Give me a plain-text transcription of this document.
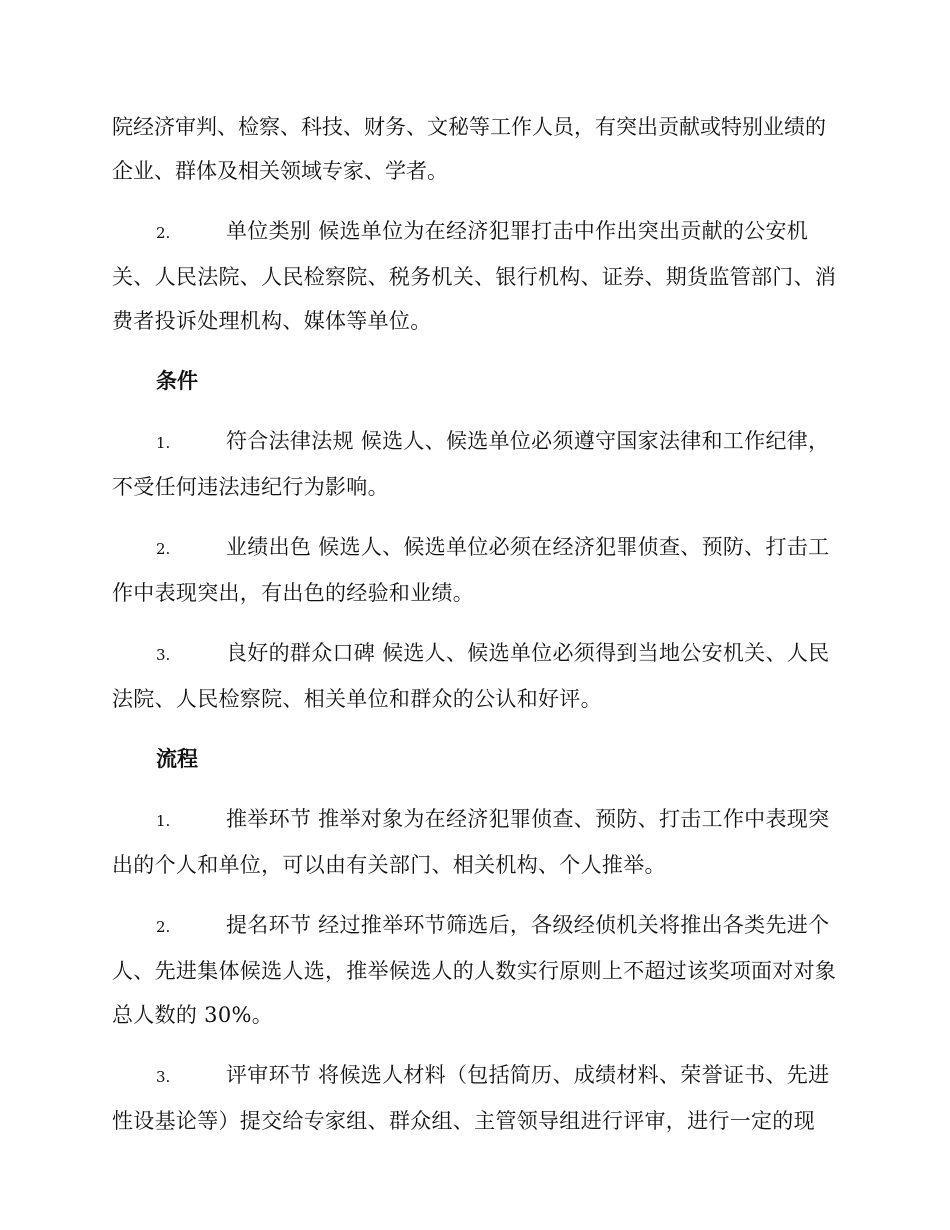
院经济审判、检察、科技、财务、文秘等工作人员，有突出贡献或特别业绩的企业、群体及相关领域专家、学者。

2.	单位类别 候选单位为在经济犯罪打击中作出突出贡献的公安机关、人民法院、人民检察院、税务机关、银行机构、证券、期货监管部门、消费者投诉处理机构、媒体等单位。

条件

1.	符合法律法规 候选人、候选单位必须遵守国家法律和工作纪律，不受任何违法违纪行为影响。

2.	业绩出色 候选人、候选单位必须在经济犯罪侦查、预防、打击工作中表现突出，有出色的经验和业绩。

3.	良好的群众口碑 候选人、候选单位必须得到当地公安机关、人民法院、人民检察院、相关单位和群众的公认和好评。

流程

1.	推举环节 推举对象为在经济犯罪侦查、预防、打击工作中表现突出的个人和单位，可以由有关部门、相关机构、个人推举。

2.	提名环节 经过推举环节筛选后，各级经侦机关将推出各类先进个人、先进集体候选人选，推举候选人的人数实行原则上不超过该奖项面对对象总人数的 30%。

3.	评审环节 将候选人材料（包括简历、成绩材料、荣誉证书、先进性设基论等）提交给专家组、群众组、主管领导组进行评审，进行一定的现
